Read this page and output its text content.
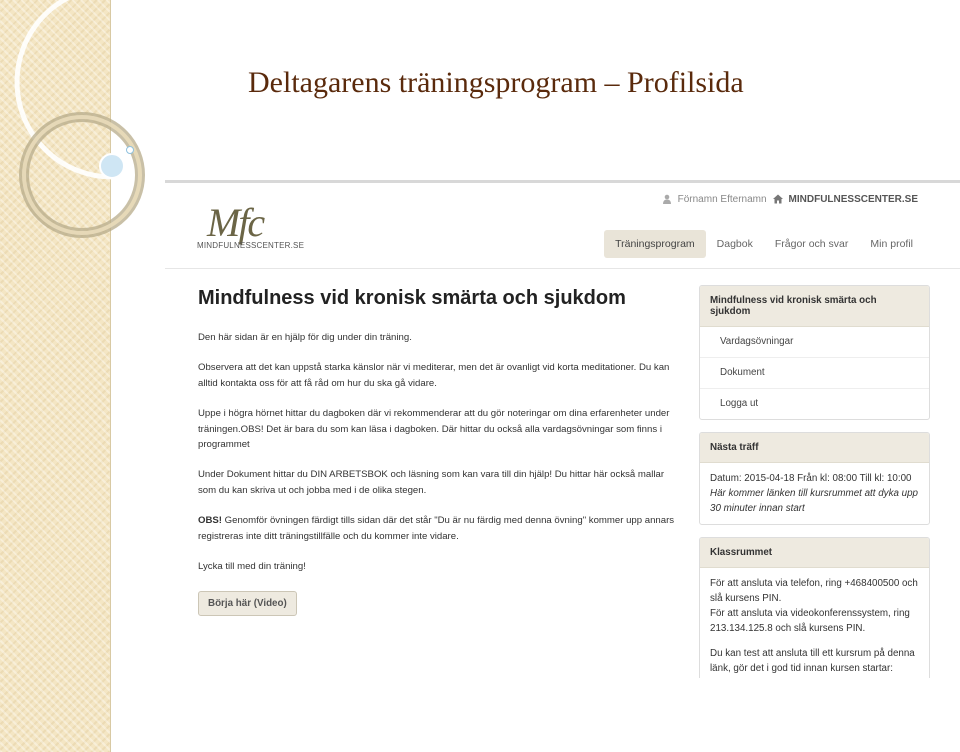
Deltagarens träningsprogram – Profilsida
Mfc
MINDFULNESSCENTER.SE
Förnamn Efternamn MINDFULNESSCENTER.SE
Träningsprogram	Dagbok	Frågor och svar	Min profil
Mindfulness vid kronisk smärta och sjukdom

Den här sidan är en hjälp för dig under din träning.

Observera att det kan uppstå starka känslor när vi mediterar, men det är ovanligt vid korta meditationer. Du kan alltid kontakta oss för att få råd om hur du ska gå vidare.

Uppe i högra hörnet hittar du dagboken där vi rekommenderar att du gör noteringar om dina erfarenheter under träningen.OBS! Det är bara du som kan läsa i dagboken. Där hittar du också alla vardagsövningar som finns i programmet

Under Dokument hittar du DIN ARBETSBOK och läsning som kan vara till din hjälp! Du hittar här också mallar som du kan skriva ut och jobba med i de olika stegen.

OBS! Genomför övningen färdigt tills sidan där det står "Du är nu färdig med denna övning" kommer upp annars registreras inte ditt träningstillfälle och du kommer inte vidare.

Lycka till med din träning!

Börja här (Video)
Mindfulness vid kronisk smärta och sjukdom
Vardagsövningar
Dokument
Logga ut
Nästa träff
Datum: 2015-04-18 Från kl: 08:00 Till kl: 10:00
Här kommer länken till kursrummet att dyka upp 30 minuter innan start
Klassrummet

För att ansluta via telefon, ring +468400500 och slå kursens PIN.
För att ansluta via videokonferenssystem, ring 213.134.125.8 och slå kursens PIN.

Du kan test att ansluta till ett kursrum på denna länk, gör det i god tid innan kursen startar:
